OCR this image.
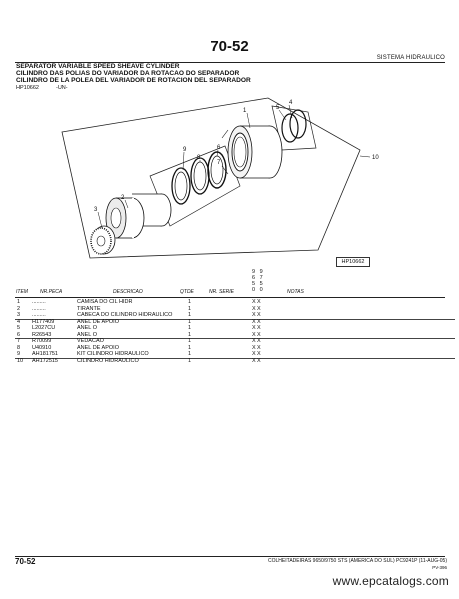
70-52
SISTEMA HIDRAULICO
SEPARATOR VARIABLE SPEED SHEAVE CYLINDER
CILINDRO DAS POLIAS DO VARIADOR DA ROTACAO DO SEPARADOR
CILINDRO DE LA POLEA DEL VARIADOR DE ROTACION DEL SEPARADOR
HP10662	-UN-
1
2
3
4
5
6
7
8
9
10
HP10662
9 9
6 7
5 5
0 0
ITEM NR.PECA	DESCRICAO	QTDE	NR. SERIE	NOTAS
1 .........	CAMISA DO CIL HIDR	1	X X
2 .........	TIRANTE	1	X X
3 .........	CABECA DO CILINDRO HIDRAULICO	1	X X
4 H177409	ANEL DE APOIO	1	X X
5 L2027CU	ANEL O	1	X X
6 R26543	ANEL O	1	X X
7 R70099	VEDACAO	1	X X
8 U40910	ANEL DE APOIO	1	X X
9 AH181751	KIT CILINDRO HIDRAULICO	1	X X
10 AH172515	CILINDRO HIDRAULICO	1	X X
70-52	COLHEITADEIRAS 9650/9750 STS (AMERICA DO SUL) PC9241P (11-AUG-05)
PV-396
www.epcatalogs.com
